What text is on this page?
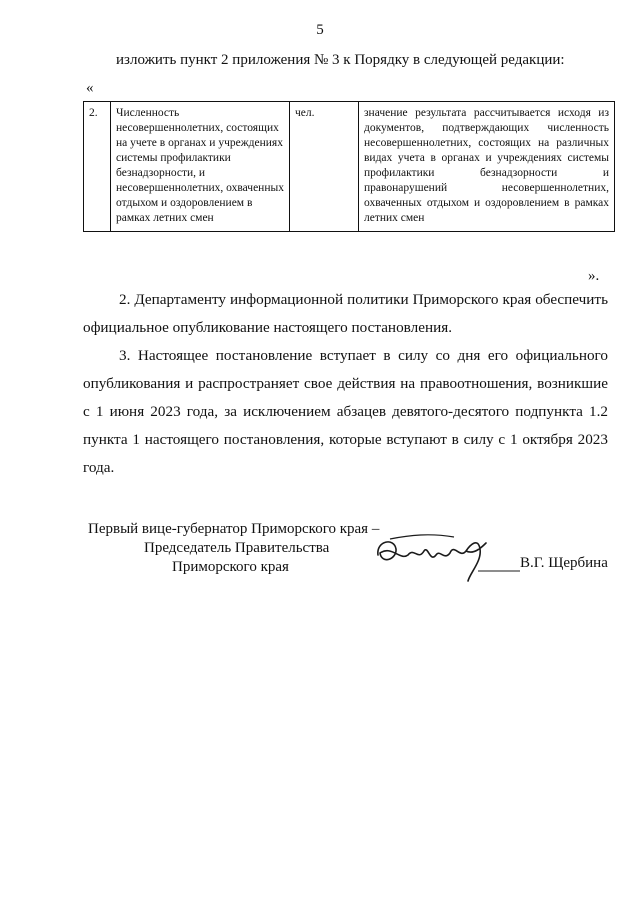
5
изложить пункт 2 приложения № 3 к Порядку в следующей редакции:
«
2.	Численность несовершеннолетних, состоящих на учете в органах и учреждениях системы профилактики безнадзорности, и несовершеннолетних, охваченных отдыхом и оздоровлением в рамках летних смен	чел.		значение результата рассчитывается исходя из документов, подтверждающих численность несовершеннолетних, состоящих на различных видах учета в органах и учреждениях системы профилактики безнадзорности и правонарушений несовершеннолетних, охваченных отдыхом и оздоровлением в рамках летних смен
».
2. Департаменту информационной политики Приморского края обеспечить официальное опубликование настоящего постановления.
3. Настоящее постановление вступает в силу со дня его официального опубликования и распространяет свое действия на правоотношения, возникшие с 1 июня 2023 года, за исключением абзацев девятого-десятого подпункта 1.2 пункта 1 настоящего постановления, которые вступают в силу с 1 октября 2023 года.
Первый вице-губернатор Приморского края –
Председатель Правительства
Приморского края	В.Г. Щербина
